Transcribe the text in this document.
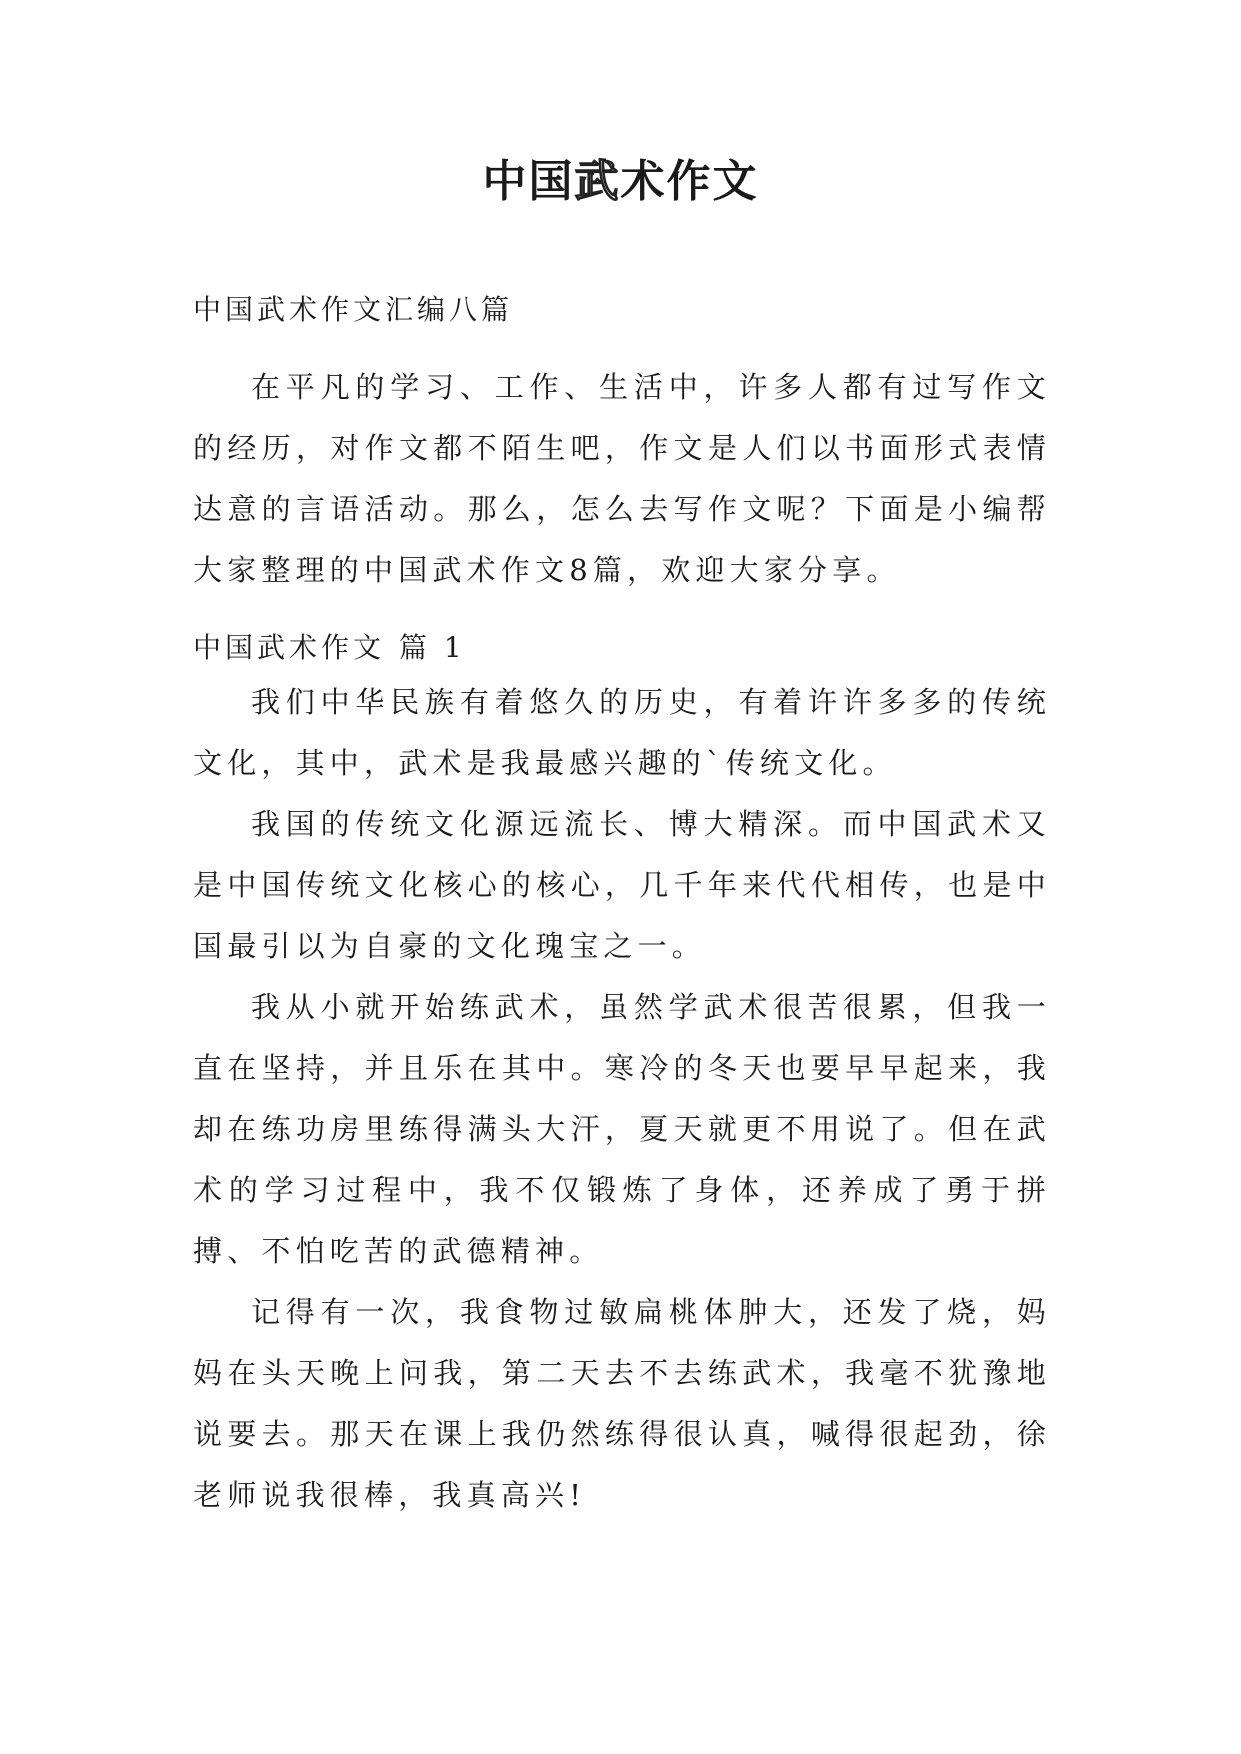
中国武术作文
中国武术作文汇编八篇

在平凡的学习、工作、生活中，许多人都有过写作文的经历，对作文都不陌生吧，作文是人们以书面形式表情达意的言语活动。那么，怎么去写作文呢？下面是小编帮大家整理的中国武术作文8篇，欢迎大家分享。

中国武术作文 篇 1

我们中华民族有着悠久的历史，有着许许多多的传统文化，其中，武术是我最感兴趣的`传统文化。

我国的传统文化源远流长、博大精深。而中国武术又是中国传统文化核心的核心，几千年来代代相传，也是中国最引以为自豪的文化瑰宝之一。

我从小就开始练武术，虽然学武术很苦很累，但我一直在坚持，并且乐在其中。寒冷的冬天也要早早起来，我却在练功房里练得满头大汗，夏天就更不用说了。但在武术的学习过程中，我不仅锻炼了身体，还养成了勇于拼搏、不怕吃苦的武德精神。

记得有一次，我食物过敏扁桃体肿大，还发了烧，妈妈在头天晚上问我，第二天去不去练武术，我毫不犹豫地说要去。那天在课上我仍然练得很认真，喊得很起劲，徐老师说我很棒，我真高兴!
